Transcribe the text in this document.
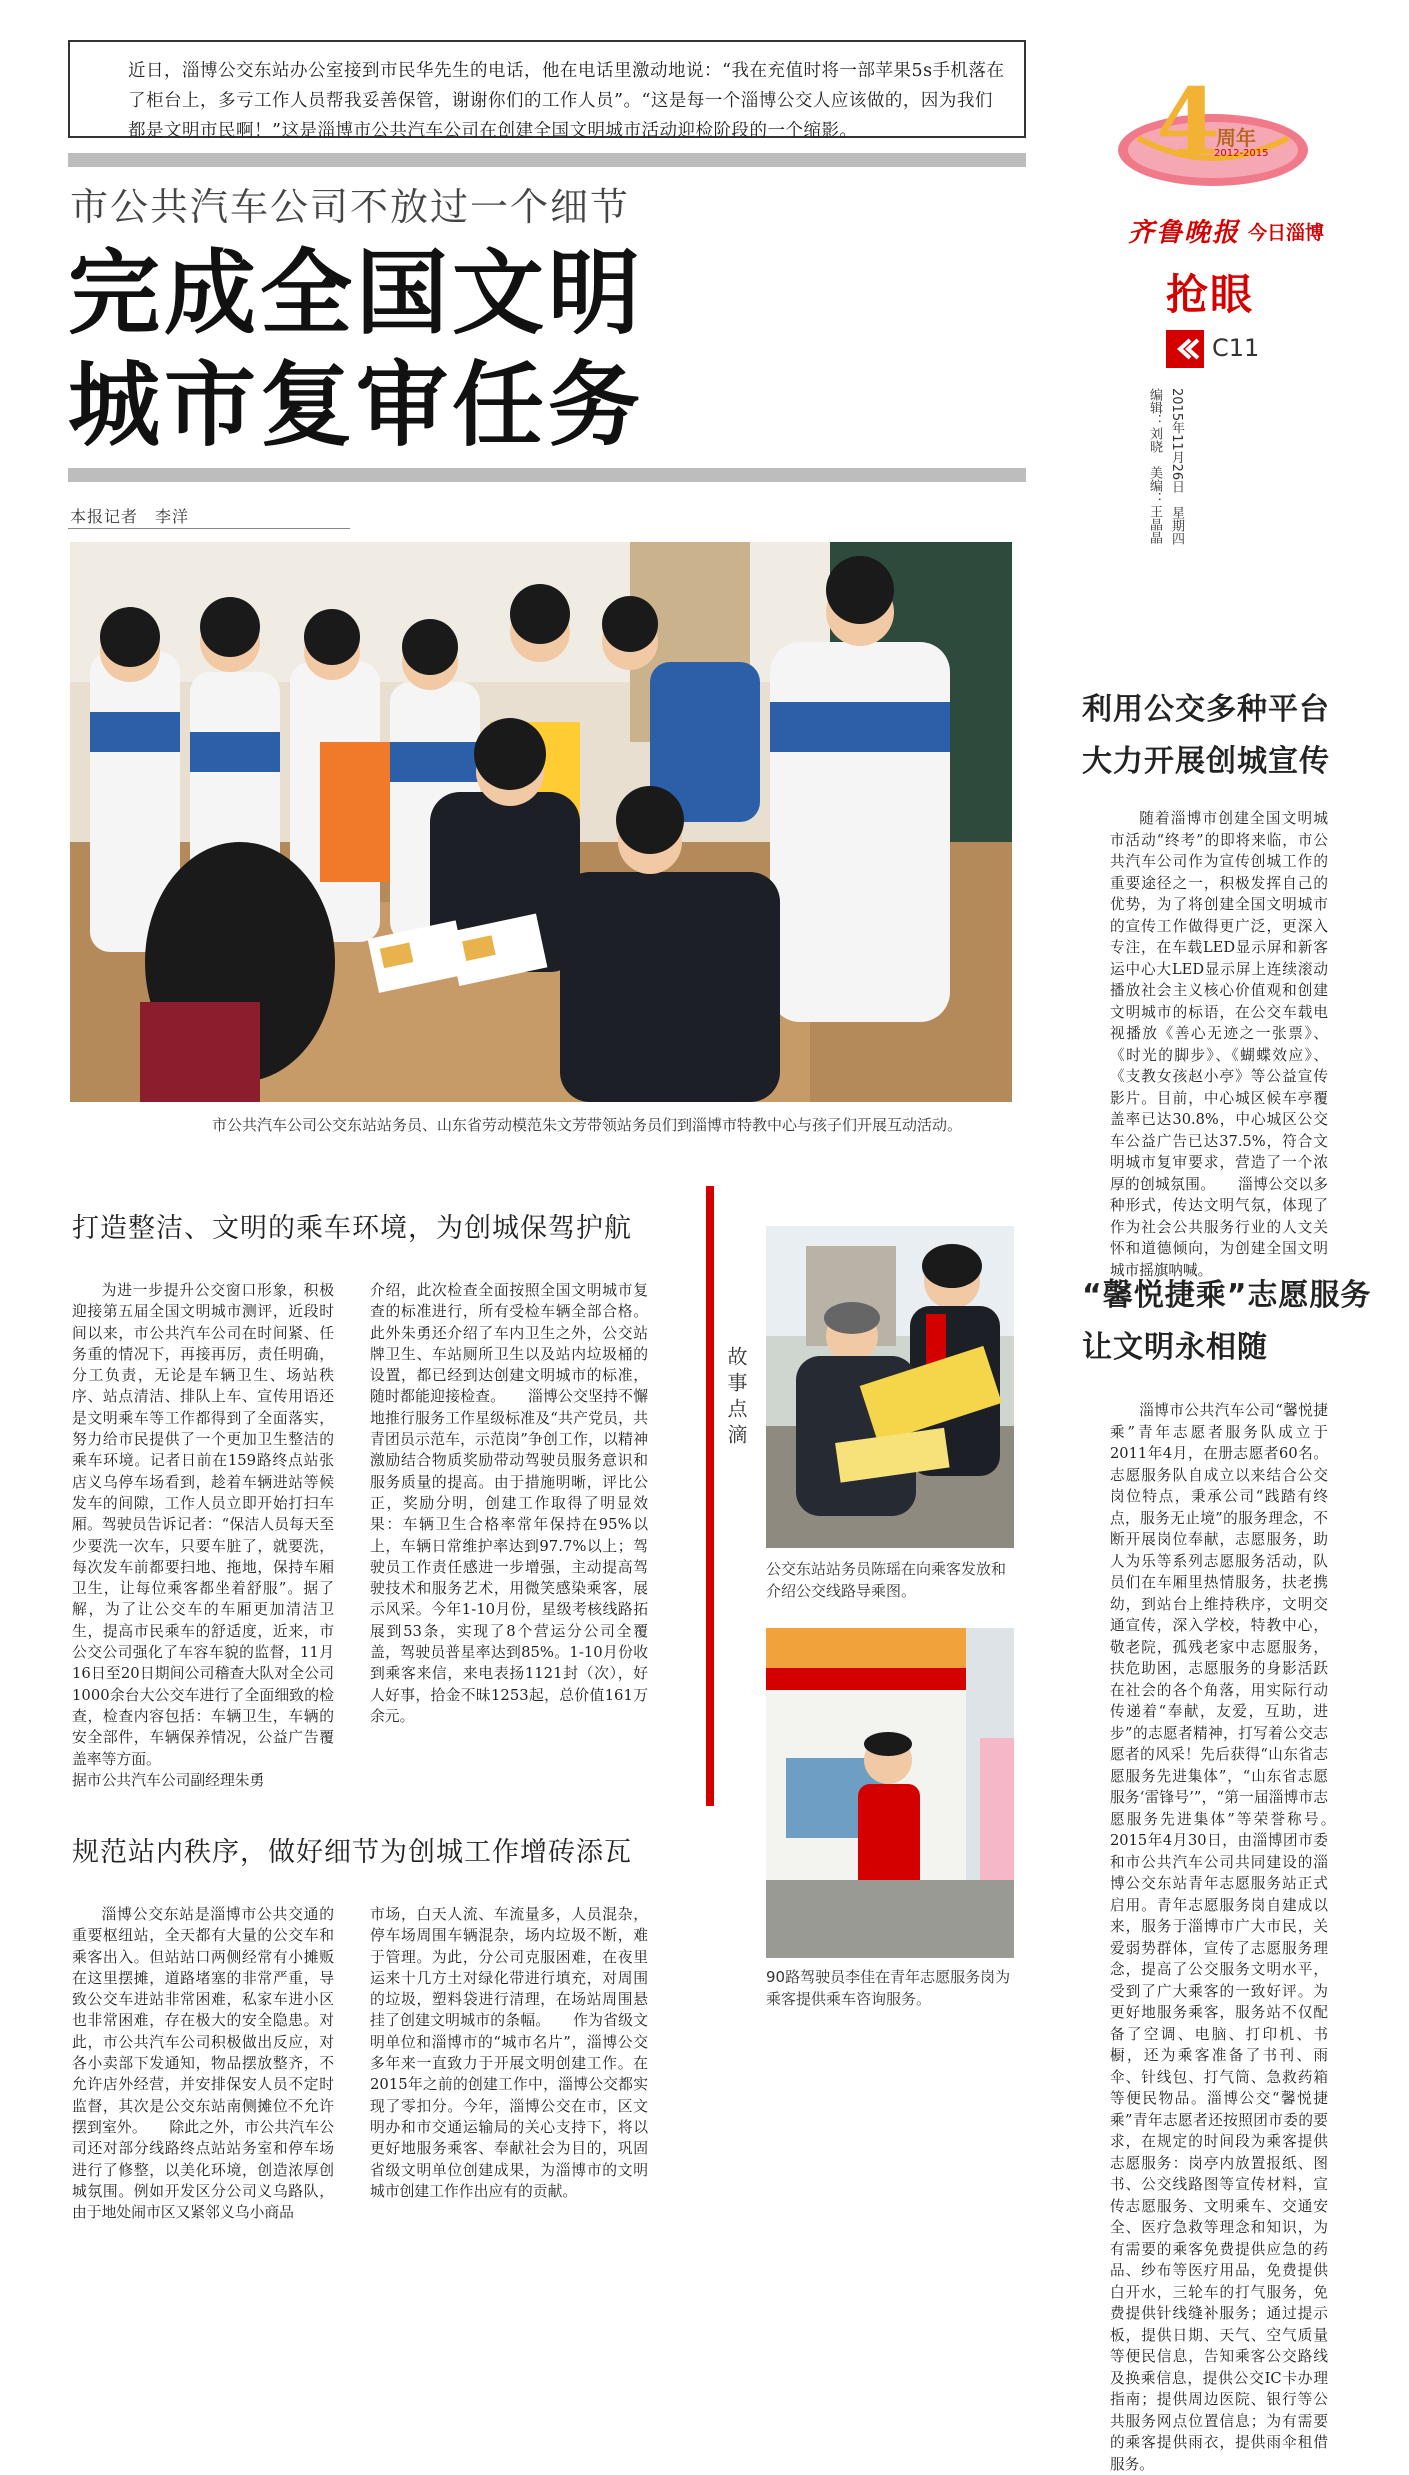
近日，淄博公交东站办公室接到市民华先生的电话，他在电话里激动地说：“我在充值时将一部苹果5s手机落在了柜台上，多亏工作人员帮我妥善保管，谢谢你们的工作人员”。“这是每一个淄博公交人应该做的，因为我们都是文明市民啊！”这是淄博市公共汽车公司在创建全国文明城市活动迎检阶段的一个缩影。
市公共汽车公司不放过一个细节
完成全国文明
城市复审任务
本报记者　李洋
4
周年
2012-2015
齐鲁晚报 今日淄博
抢眼
C11
2015年11月26日　星期四
编辑：刘晓　美编：王晶晶
市公共汽车公司公交东站站务员、山东省劳动模范朱文芳带领站务员们到淄博市特教中心与孩子们开展互动活动。
打造整洁、文明的乘车环境，为创城保驾护航
为进一步提升公交窗口形象，积极迎接第五届全国文明城市测评，近段时间以来，市公共汽车公司在时间紧、任务重的情况下，再接再厉，责任明确，分工负责，无论是车辆卫生、场站秩序、站点清洁、排队上车、宣传用语还是文明乘车等工作都得到了全面落实，努力给市民提供了一个更加卫生整洁的乘车环境。记者日前在159路终点站张店义乌停车场看到，趁着车辆进站等候发车的间隙，工作人员立即开始打扫车厢。驾驶员告诉记者：“保洁人员每天至少要洗一次车，只要车脏了，就要洗，每次发车前都要扫地、拖地，保持车厢卫生，让每位乘客都坐着舒服”。据了解，为了让公交车的车厢更加清洁卫生，提高市民乘车的舒适度，近来，市公交公司强化了车容车貌的监督，11月16日至20日期间公司稽查大队对全公司1000余台大公交车进行了全面细致的检查，检查内容包括：车辆卫生，车辆的安全部件，车辆保养情况，公益广告覆盖率等方面。
据市公共汽车公司副经理朱勇
介绍，此次检查全面按照全国文明城市复查的标准进行，所有受检车辆全部合格。此外朱勇还介绍了车内卫生之外，公交站牌卫生、车站厕所卫生以及站内垃圾桶的设置，都已经到达创建文明城市的标准，随时都能迎接检查。　　淄博公交坚持不懈地推行服务工作星级标准及“共产党员，共青团员示范车，示范岗”争创工作，以精神激励结合物质奖励带动驾驶员服务意识和服务质量的提高。由于措施明晰，评比公正，奖励分明，创建工作取得了明显效果：车辆卫生合格率常年保持在95%以上，车辆日常维护率达到97.7%以上；驾驶员工作责任感进一步增强，主动提高驾驶技术和服务艺术，用微笑感染乘客，展示风采。今年1-10月份，星级考核线路拓展到53条，实现了8个营运分公司全覆盖，驾驶员普星率达到85%。1-10月份收到乘客来信，来电表扬1121封（次），好人好事，拾金不昧1253起，总价值161万余元。
规范站内秩序，做好细节为创城工作增砖添瓦
淄博公交东站是淄博市公共交通的重要枢纽站，全天都有大量的公交车和乘客出入。但站站口两侧经常有小摊贩在这里摆摊，道路堵塞的非常严重，导致公交车进站非常困难，私家车进小区也非常困难，存在极大的安全隐患。对此，市公共汽车公司积极做出反应，对各小卖部下发通知，物品摆放整齐，不允许店外经营，并安排保安人员不定时监督，其次是公交东站南侧摊位不允许摆到室外。　　除此之外，市公共汽车公司还对部分线路终点站站务室和停车场进行了修整，以美化环境，创造浓厚创城氛围。例如开发区分公司义乌路队，由于地处闹市区又紧邻义乌小商品
市场，白天人流、车流量多，人员混杂，停车场周围车辆混杂，场内垃圾不断，难于管理。为此，分公司克服困难，在夜里运来十几方土对绿化带进行填充，对周围的垃圾，塑料袋进行清理，在场站周围悬挂了创建文明城市的条幅。　　作为省级文明单位和淄博市的“城市名片”，淄博公交多年来一直致力于开展文明创建工作。在2015年之前的创建工作中，淄博公交都实现了零扣分。今年，淄博公交在市，区文明办和市交通运输局的关心支持下，将以更好地服务乘客、奉献社会为目的，巩固省级文明单位创建成果，为淄博市的文明城市创建工作作出应有的贡献。
故事点滴
公交东站站务员陈瑶在向乘客发放和介绍公交线路导乘图。
90路驾驶员李佳在青年志愿服务岗为乘客提供乘车咨询服务。
利用公交多种平台
大力开展创城宣传
随着淄博市创建全国文明城市活动“终考”的即将来临，市公共汽车公司作为宣传创城工作的重要途径之一，积极发挥自己的优势，为了将创建全国文明城市的宣传工作做得更广泛，更深入专注，在车载LED显示屏和新客运中心大LED显示屏上连续滚动播放社会主义核心价值观和创建文明城市的标语，在公交车载电视播放《善心无迹之一张票》、《时光的脚步》、《蝴蝶效应》、《支教女孩赵小亭》等公益宣传影片。目前，中心城区候车亭覆盖率已达30.8%，中心城区公交车公益广告已达37.5%，符合文明城市复审要求，营造了一个浓厚的创城氛围。　　淄博公交以多种形式，传达文明气氛，体现了作为社会公共服务行业的人文关怀和道德倾向，为创建全国文明城市摇旗呐喊。
“馨悦捷乘”志愿服务
让文明永相随
淄博市公共汽车公司“馨悦捷乘”青年志愿者服务队成立于2011年4月，在册志愿者60名。志愿服务队自成立以来结合公交岗位特点，秉承公司“践踏有终点，服务无止境”的服务理念，不断开展岗位奉献，志愿服务，助人为乐等系列志愿服务活动，队员们在车厢里热情服务，扶老携幼，到站台上维持秩序，文明交通宣传，深入学校，特教中心，敬老院，孤残老家中志愿服务，扶危助困，志愿服务的身影活跃在社会的各个角落，用实际行动传递着“奉献，友爱，互助，进步”的志愿者精神，打写着公交志愿者的风采！先后获得“山东省志愿服务先进集体”，“山东省志愿服务‘雷锋号’”，“第一届淄博市志愿服务先进集体”等荣誉称号。　　2015年4月30日，由淄博团市委和市公共汽车公司共同建设的淄博公交东站青年志愿服务站正式启用。青年志愿服务岗自建成以来，服务于淄博市广大市民，关爱弱势群体，宣传了志愿服务理念，提高了公交服务文明水平，受到了广大乘客的一致好评。为更好地服务乘客，服务站不仅配备了空调、电脑、打印机、书橱，还为乘客准备了书刊、雨伞、针线包、打气筒、急救药箱等便民物品。淄博公交“馨悦捷乘”青年志愿者还按照团市委的要求，在规定的时间段为乘客提供志愿服务：岗亭内放置报纸、图书、公交线路图等宣传材料，宣传志愿服务、文明乘车、交通安全、医疗急救等理念和知识，为有需要的乘客免费提供应急的药品、纱布等医疗用品，免费提供白开水，三轮车的打气服务，免费提供针线缝补服务；通过提示板，提供日期、天气、空气质量等便民信息，告知乘客公交路线及换乘信息，提供公交IC卡办理指南；提供周边医院、银行等公共服务网点位置信息；为有需要的乘客提供雨衣，提供雨伞租借服务。
